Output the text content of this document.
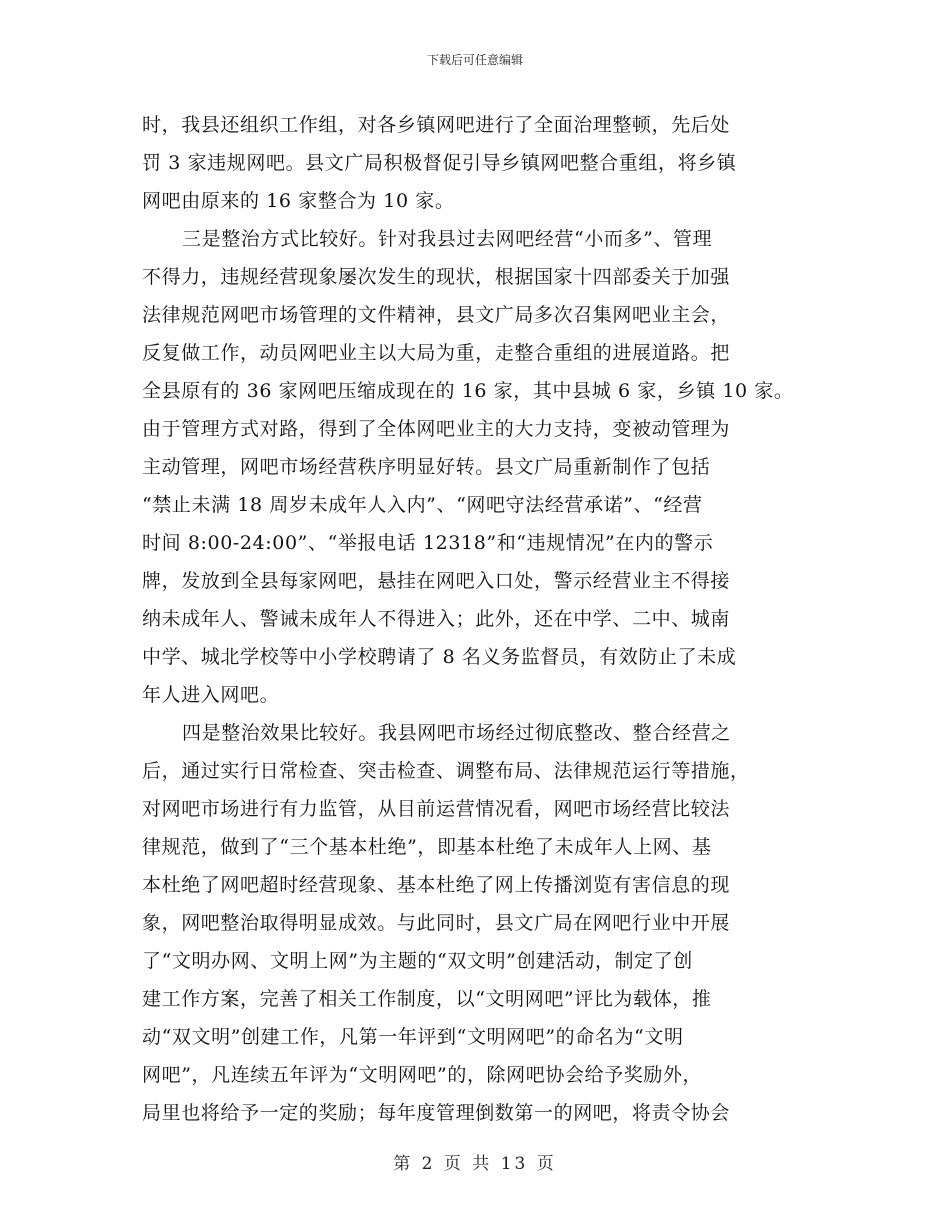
下载后可任意编辑

时，我县还组织工作组，对各乡镇网吧进行了全面治理整顿，先后处

罚 3 家违规网吧。县文广局积极督促引导乡镇网吧整合重组，将乡镇

网吧由原来的 16 家整合为 10 家。

三是整治方式比较好。针对我县过去网吧经营“小而多”、管理

不得力，违规经营现象屡次发生的现状，根据国家十四部委关于加强

法律规范网吧市场管理的文件精神，县文广局多次召集网吧业主会，

反复做工作，动员网吧业主以大局为重，走整合重组的进展道路。把

全县原有的 36 家网吧压缩成现在的 16 家，其中县城 6 家，乡镇 10 家。

由于管理方式对路，得到了全体网吧业主的大力支持，变被动管理为

主动管理，网吧市场经营秩序明显好转。县文广局重新制作了包括

“禁止未满 18 周岁未成年人入内”、“网吧守法经营承诺”、“经营

时间 8:00-24:00”、“举报电话 12318”和“违规情况”在内的警示

牌，发放到全县每家网吧，悬挂在网吧入口处，警示经营业主不得接

纳未成年人、警诫未成年人不得进入；此外，还在中学、二中、城南

中学、城北学校等中小学校聘请了 8 名义务监督员，有效防止了未成

年人进入网吧。

四是整治效果比较好。我县网吧市场经过彻底整改、整合经营之

后，通过实行日常检查、突击检查、调整布局、法律规范运行等措施，

对网吧市场进行有力监管，从目前运营情况看，网吧市场经营比较法

律规范，做到了“三个基本杜绝”，即基本杜绝了未成年人上网、基

本杜绝了网吧超时经营现象、基本杜绝了网上传播浏览有害信息的现

象，网吧整治取得明显成效。与此同时，县文广局在网吧行业中开展

了“文明办网、文明上网”为主题的“双文明”创建活动，制定了创

建工作方案，完善了相关工作制度，以“文明网吧”评比为载体，推

动“双文明”创建工作，凡第一年评到“文明网吧”的命名为“文明

网吧”，凡连续五年评为“文明网吧”的，除网吧协会给予奖励外，

局里也将给予一定的奖励；每年度管理倒数第一的网吧，将责令协会

第 2 页 共 13 页
